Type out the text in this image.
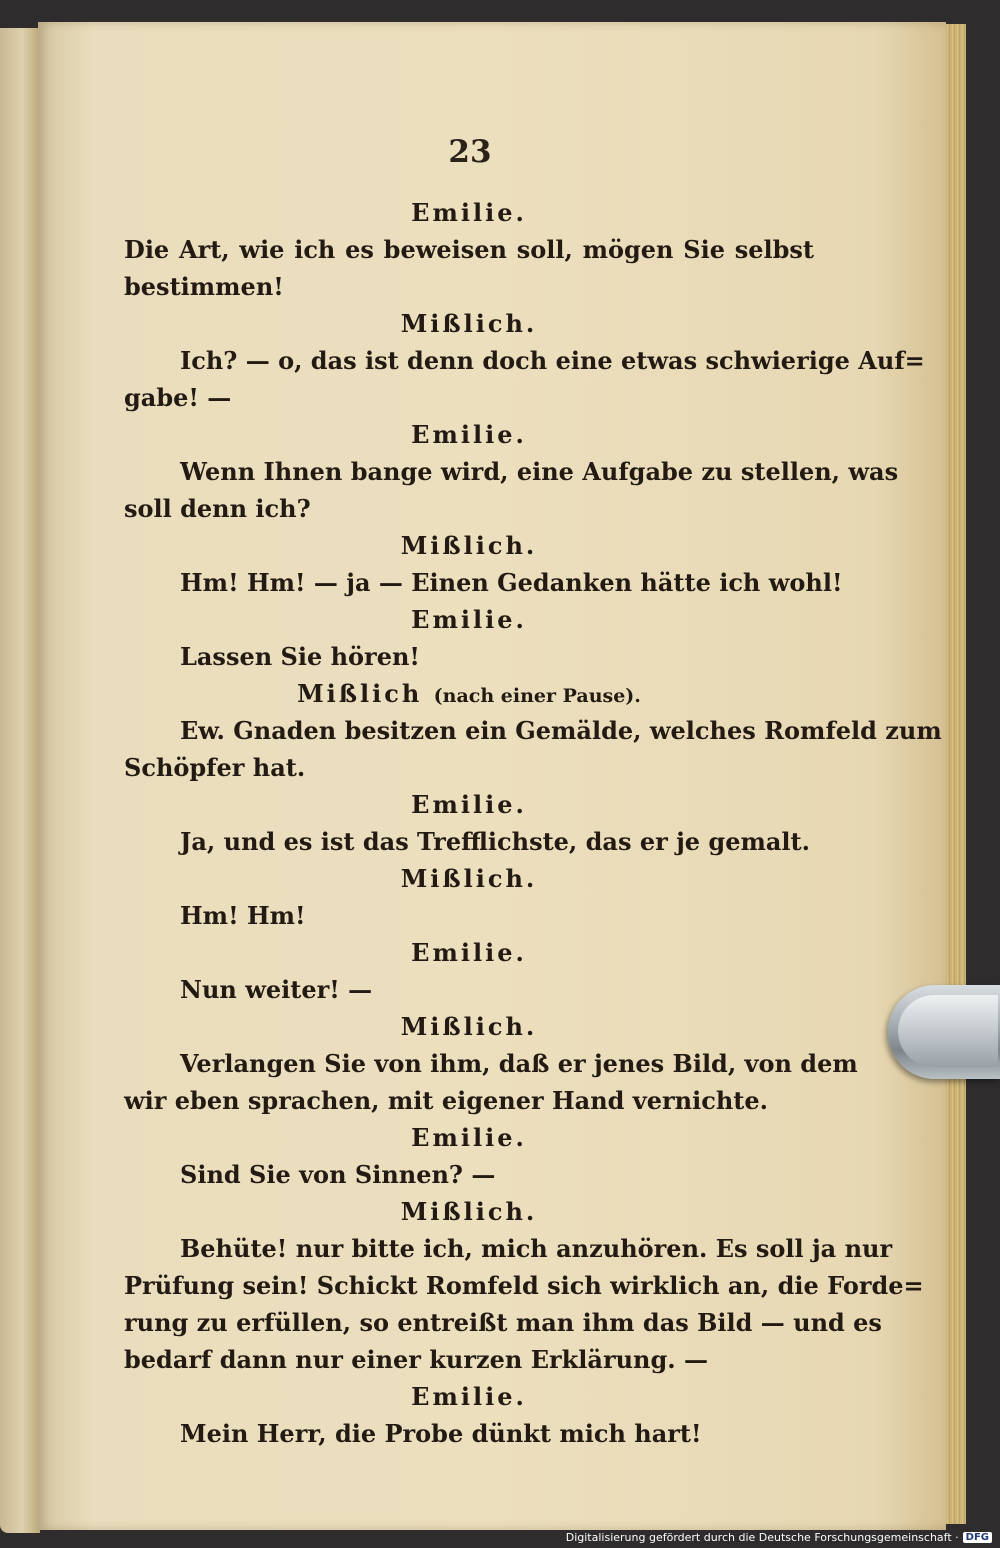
23
Emilie.
Die Art, wie ich es beweisen soll, mögen Sie selbst
bestimmen!
Mißlich.
Ich? — o, das ist denn doch eine etwas schwierige Auf=
gabe! —
Emilie.
Wenn Ihnen bange wird, eine Aufgabe zu stellen, was
soll denn ich?
Mißlich.
Hm! Hm! — ja — Einen Gedanken hätte ich wohl!
Emilie.
Lassen Sie hören!
Mißlich (nach einer Pause).
Ew. Gnaden besitzen ein Gemälde, welches Romfeld zum
Schöpfer hat.
Emilie.
Ja, und es ist das Trefflichste, das er je gemalt.
Mißlich.
Hm! Hm!
Emilie.
Nun weiter! —
Mißlich.
Verlangen Sie von ihm, daß er jenes Bild, von dem
wir eben sprachen, mit eigener Hand vernichte.
Emilie.
Sind Sie von Sinnen? —
Mißlich.
Behüte! nur bitte ich, mich anzuhören. Es soll ja nur
Prüfung sein! Schickt Romfeld sich wirklich an, die Forde=
rung zu erfüllen, so entreißt man ihm das Bild — und es
bedarf dann nur einer kurzen Erklärung. —
Emilie.
Mein Herr, die Probe dünkt mich hart!
Digitalisierung gefördert durch die Deutsche Forschungsgemeinschaft · DFG
